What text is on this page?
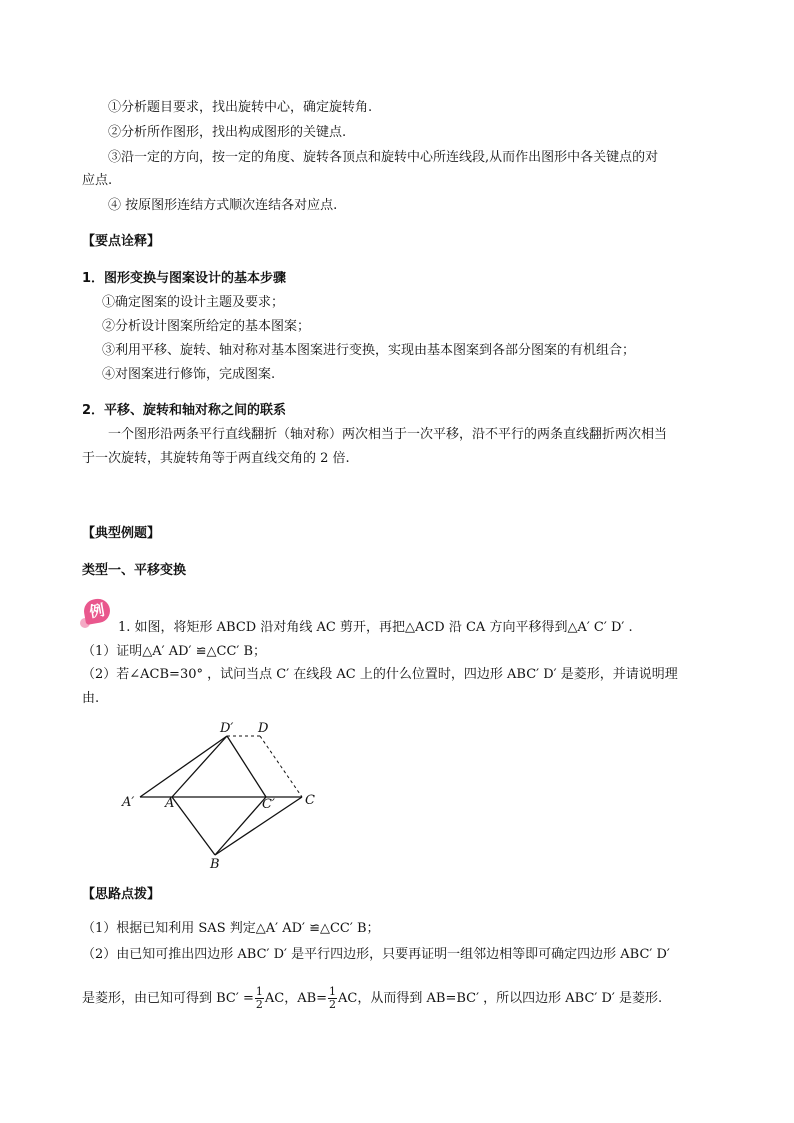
①分析题目要求，找出旋转中心，确定旋转角.
②分析所作图形，找出构成图形的关键点.
③沿一定的方向，按一定的角度、旋转各顶点和旋转中心所连线段,从而作出图形中各关键点的对
应点.
④ 按原图形连结方式顺次连结各对应点.
【要点诠释】
1．图形变换与图案设计的基本步骤
①确定图案的设计主题及要求；
②分析设计图案所给定的基本图案；
③利用平移、旋转、轴对称对基本图案进行变换，实现由基本图案到各部分图案的有机组合；
④对图案进行修饰，完成图案.
2．平移、旋转和轴对称之间的联系
一个图形沿两条平行直线翻折（轴对称）两次相当于一次平移，沿不平行的两条直线翻折两次相当
于一次旋转，其旋转角等于两直线交角的 2 倍.
【典型例题】
类型一、平移变换
例
1. 如图，将矩形 ABCD 沿对角线 AC 剪开，再把△ACD 沿 CA 方向平移得到△A′ C′ D′ .
（1）证明△A′ AD′ ≌△CC′ B；
（2）若∠ACB=30° ，试问当点 C′ 在线段 AC 上的什么位置时，四边形 ABC′ D′ 是菱形，并请说明理
由.
D′ D
A′ A	C′ C
B
【思路点拨】
（1）根据已知利用 SAS 判定△A′ AD′ ≌△CC′ B；
（2）由已知可推出四边形 ABC′ D′ 是平行四边形，只要再证明一组邻边相等即可确定四边形 ABC′ D′
是菱形，由已知可得到 $BC' = \frac{1}{2}$ AC，$AB= \frac{1}{2}$ AC，从而得到 AB=BC′ ，所以四边形 ABC′ D′ 是菱形.
